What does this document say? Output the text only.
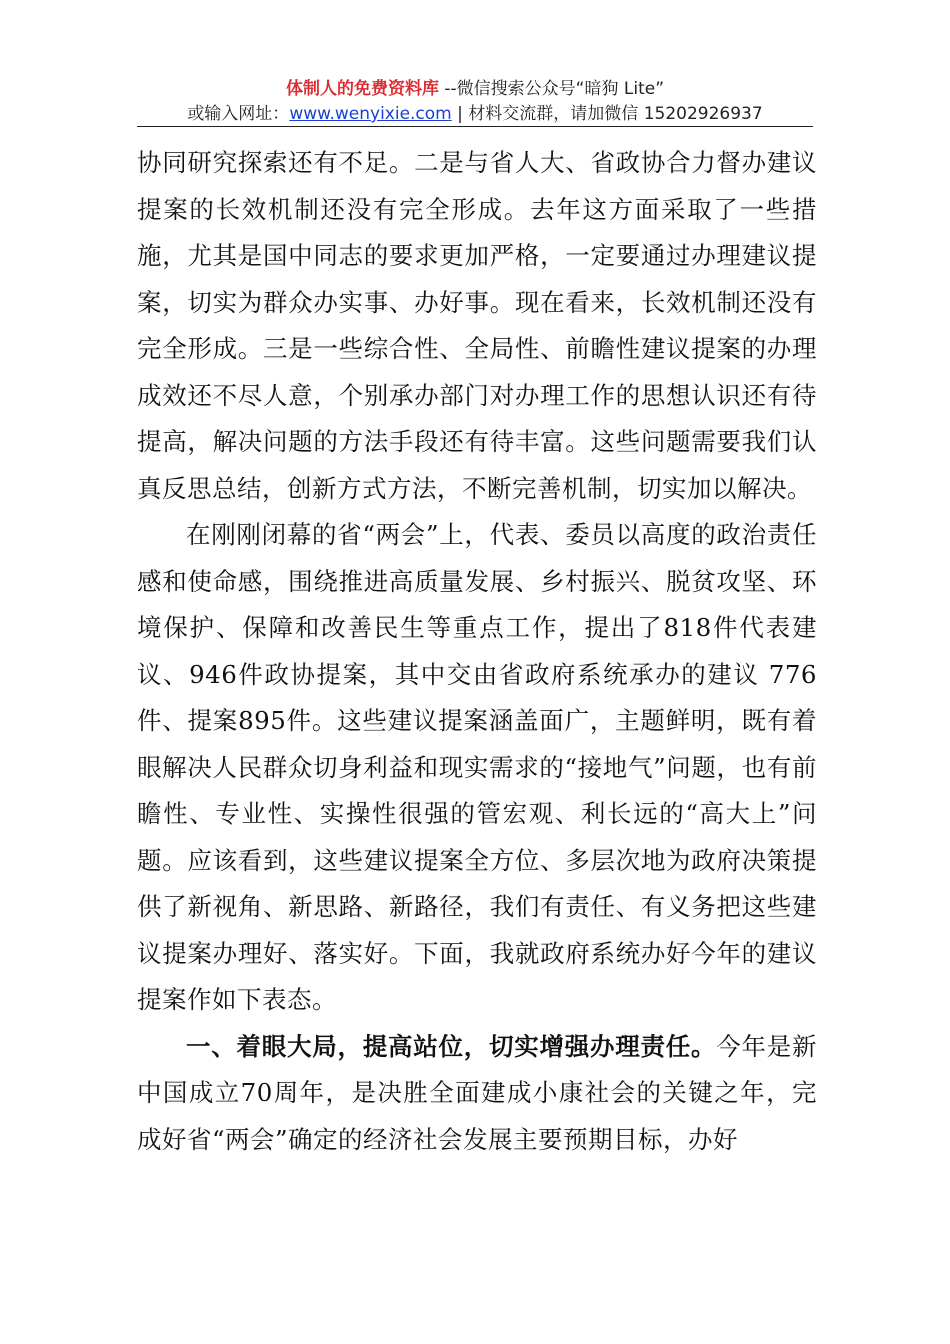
体制人的免费资料库 --微信搜索公众号“暗狗 Lite”
或输入网址：www.wenyixie.com | 材料交流群，请加微信 15202926937

协同研究探索还有不足。二是与省人大、省政协合力督办建议提案的长效机制还没有完全形成。去年这方面采取了一些措施，尤其是国中同志的要求更加严格，一定要通过办理建议提案，切实为群众办实事、办好事。现在看来，长效机制还没有完全形成。三是一些综合性、全局性、前瞻性建议提案的办理成效还不尽人意，个别承办部门对办理工作的思想认识还有待提高，解决问题的方法手段还有待丰富。这些问题需要我们认真反思总结，创新方式方法，不断完善机制，切实加以解决。

在刚刚闭幕的省“两会”上，代表、委员以高度的政治责任感和使命感，围绕推进高质量发展、乡村振兴、脱贫攻坚、环境保护、保障和改善民生等重点工作，提出了818件代表建议、946件政协提案，其中交由省政府系统承办的建议 776件、提案895件。这些建议提案涵盖面广，主题鲜明，既有着眼解决人民群众切身利益和现实需求的“接地气”问题，也有前瞻性、专业性、实操性很强的管宏观、利长远的“高大上”问题。应该看到，这些建议提案全方位、多层次地为政府决策提供了新视角、新思路、新路径，我们有责任、有义务把这些建议提案办理好、落实好。下面，我就政府系统办好今年的建议提案作如下表态。

一、着眼大局，提高站位，切实增强办理责任。今年是新中国成立70周年，是决胜全面建成小康社会的关键之年，完成好省“两会”确定的经济社会发展主要预期目标，办好
